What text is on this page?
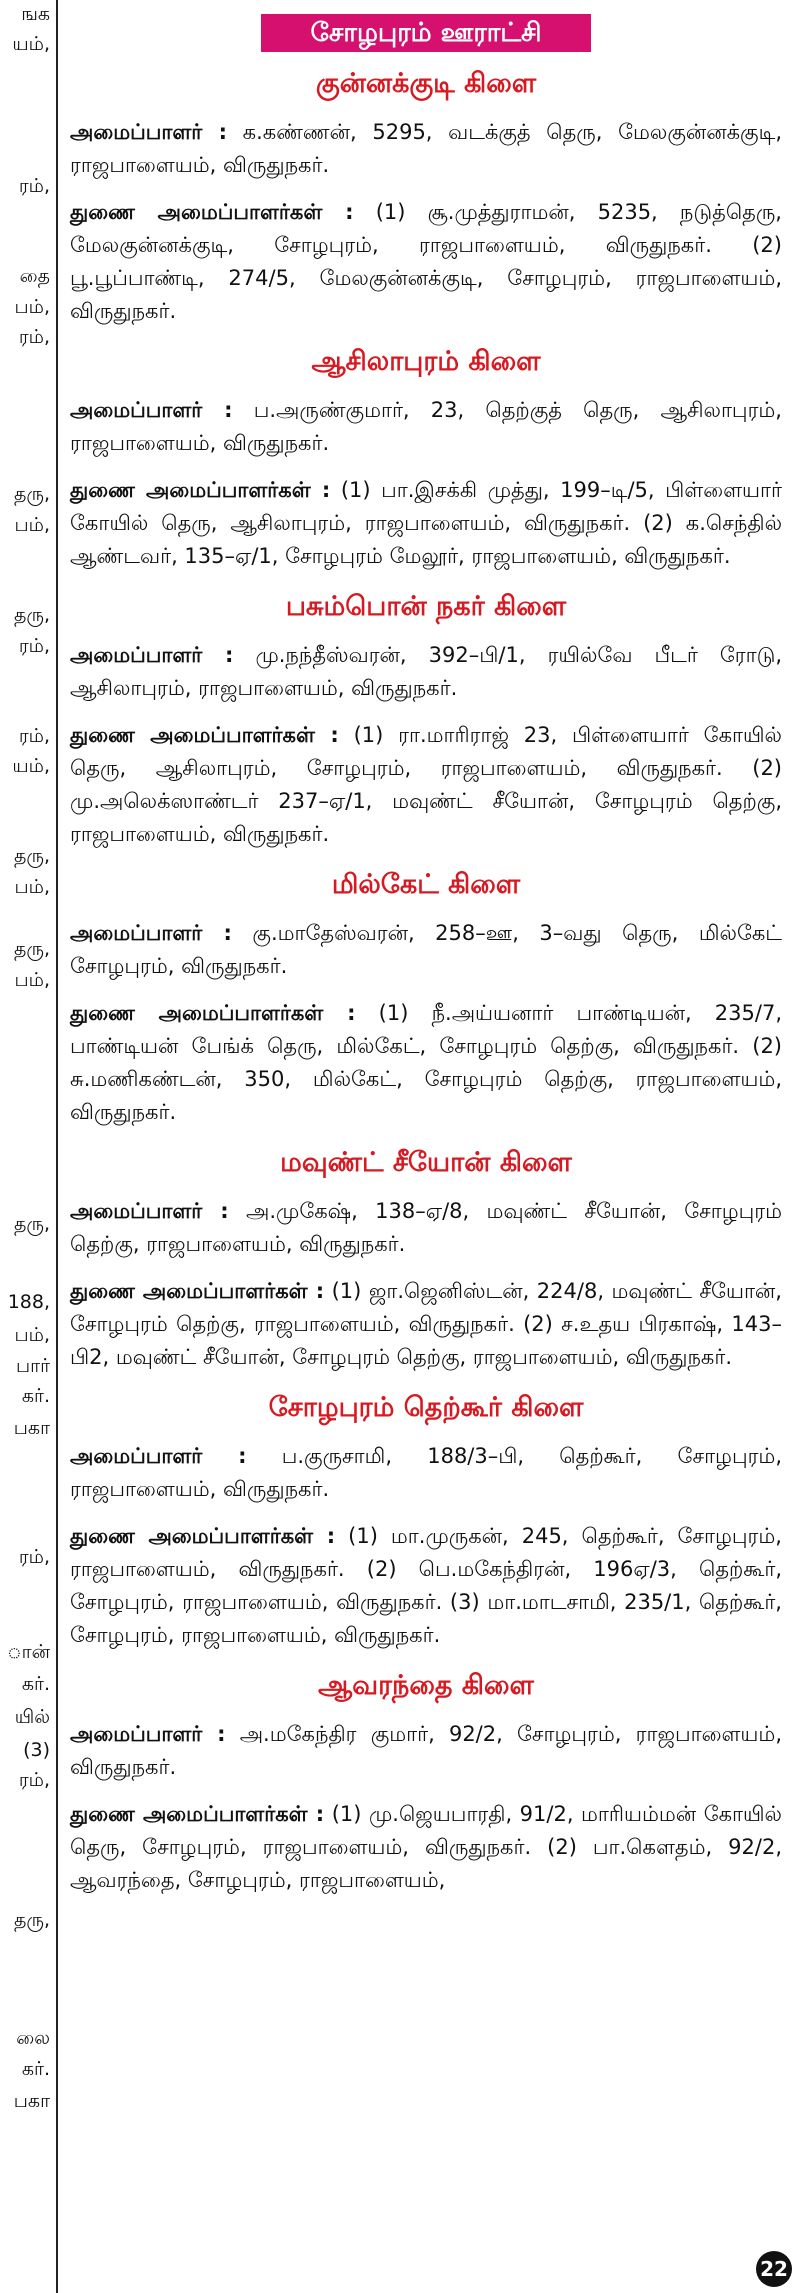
ஙக
யம்,
ரம்,
தை
பம்,
ரம்,
தரு,
பம்,
தரு,
ரம்,
ரம்,
யம்,
தரு,
பம்,
தரு,
பம்,
தரு,
188,
பம்,
பார்
கர்.
பகா
ரம்,
ான்
கர்.
யில்
(3)
ரம்,
தரு,
லை
கர்.
பகா
சோழபுரம் ஊராட்சி
குன்னக்குடி கிளை

அமைப்பாளர் : க.கண்ணன், 5295, வடக்குத் தெரு, மேலகுன்னக்குடி, ராஜபாளையம், விருதுநகர்.

துணை அமைப்பாளர்கள் : (1) சூ.முத்துராமன், 5235, நடுத்தெரு, மேலகுன்னக்குடி, சோழபுரம், ராஜபாளையம், விருதுநகர். (2) பூ.பூப்பாண்டி, 274/5, மேலகுன்னக்குடி, சோழபுரம், ராஜபாளையம், விருதுநகர்.

ஆசிலாபுரம் கிளை

அமைப்பாளர் : ப.அருண்குமார், 23, தெற்குத் தெரு, ஆசிலாபுரம், ராஜபாளையம், விருதுநகர்.

துணை அமைப்பாளர்கள் : (1) பா.இசக்கி முத்து, 199–டி/5, பிள்ளையார் கோயில் தெரு, ஆசிலாபுரம், ராஜபாளையம், விருதுநகர். (2) க.செந்தில் ஆண்டவர், 135–ஏ/1, சோழபுரம் மேலூர், ராஜபாளையம், விருதுநகர்.

பசும்பொன் நகர் கிளை

அமைப்பாளர் : மு.நந்தீஸ்வரன், 392–பி/1, ரயில்வே பீடர் ரோடு, ஆசிலாபுரம், ராஜபாளையம், விருதுநகர்.

துணை அமைப்பாளர்கள் : (1) ரா.மாரிராஜ் 23, பிள்ளையார் கோயில் தெரு, ஆசிலாபுரம், சோழபுரம், ராஜபாளையம், விருதுநகர். (2) மு.அலெக்ஸாண்டர் 237–ஏ/1, மவுண்ட் சீயோன், சோழபுரம் தெற்கு, ராஜபாளையம், விருதுநகர்.

மில்கேட் கிளை

அமைப்பாளர் : கு.மாதேஸ்வரன், 258–ஊ, 3–வது தெரு, மில்கேட் சோழபுரம், விருதுநகர்.

துணை அமைப்பாளர்கள் : (1) நீ.அய்யனார் பாண்டியன், 235/7, பாண்டியன் பேங்க் தெரு, மில்கேட், சோழபுரம் தெற்கு, விருதுநகர். (2) சு.மணிகண்டன், 350, மில்கேட், சோழபுரம் தெற்கு, ராஜபாளையம், விருதுநகர்.

மவுண்ட் சீயோன் கிளை

அமைப்பாளர் : அ.முகேஷ், 138–ஏ/8, மவுண்ட் சீயோன், சோழபுரம் தெற்கு, ராஜபாளையம், விருதுநகர்.

துணை அமைப்பாளர்கள் : (1) ஜா.ஜெனிஸ்டன், 224/8, மவுண்ட் சீயோன், சோழபுரம் தெற்கு, ராஜபாளையம், விருதுநகர். (2) ச.உதய பிரகாஷ், 143–பி2, மவுண்ட் சீயோன், சோழபுரம் தெற்கு, ராஜபாளையம், விருதுநகர்.

சோழபுரம் தெற்கூர் கிளை

அமைப்பாளர் : ப.குருசாமி, 188/3–பி, தெற்கூர், சோழபுரம், ராஜபாளையம், விருதுநகர்.

துணை அமைப்பாளர்கள் : (1) மா.முருகன், 245, தெற்கூர், சோழபுரம், ராஜபாளையம், விருதுநகர். (2) பெ.மகேந்திரன், 196ஏ/3, தெற்கூர், சோழபுரம், ராஜபாளையம், விருதுநகர். (3) மா.மாடசாமி, 235/1, தெற்கூர், சோழபுரம், ராஜபாளையம், விருதுநகர்.

ஆவரந்தை கிளை

அமைப்பாளர் : அ.மகேந்திர குமார், 92/2, சோழபுரம், ராஜபாளையம், விருதுநகர்.

துணை அமைப்பாளர்கள் : (1) மு.ஜெயபாரதி, 91/2, மாரியம்மன் கோயில் தெரு, சோழபுரம், ராஜபாளையம், விருதுநகர். (2) பா.கௌதம், 92/2, ஆவரந்தை, சோழபுரம், ராஜபாளையம்,

22
